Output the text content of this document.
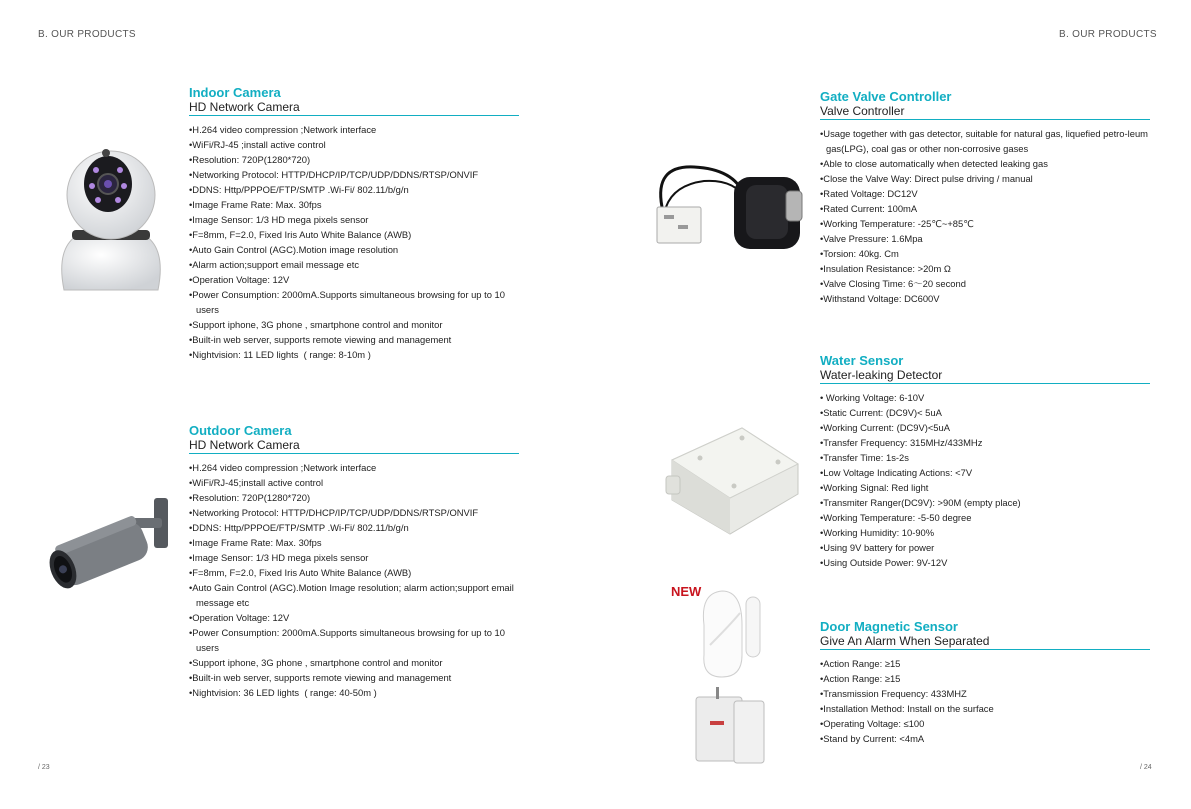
B. OUR PRODUCTS	B. OUR PRODUCTS
/ 23	/ 24
Indoor Camera
HD Network Camera
• H.264 video compression ;Network interface
• WiFi/RJ-45 ;install active control
• Resolution: 720P(1280*720)
• Networking Protocol: HTTP/DHCP/IP/TCP/UDP/DDNS/RTSP/ONVIF
• DDNS: Http/PPPOE/FTP/SMTP .Wi-Fi/ 802.11/b/g/n
• Image Frame Rate: Max. 30fps
• Image Sensor: 1/3 HD mega pixels sensor
• F=8mm, F=2.0, Fixed Iris Auto White Balance (AWB)
• Auto Gain Control (AGC).Motion image resolution
• Alarm action;support email message etc
• Operation Voltage: 12V
• Power Consumption: 2000mA.Supports simultaneous browsing for up to 10 users
• Support iphone, 3G phone , smartphone control and monitor
• Built-in web server, supports remote viewing and management
• Nightvision: 11 LED lights  ( range: 8-10m )
Outdoor Camera
HD Network Camera
• H.264 video compression ;Network interface
• WiFi/RJ-45;install active control
• Resolution: 720P(1280*720)
• Networking Protocol: HTTP/DHCP/IP/TCP/UDP/DDNS/RTSP/ONVIF
• DDNS: Http/PPPOE/FTP/SMTP .Wi-Fi/ 802.11/b/g/n
• Image Frame Rate: Max. 30fps
• Image Sensor: 1/3 HD mega pixels sensor
• F=8mm, F=2.0, Fixed Iris Auto White Balance (AWB)
• Auto Gain Control (AGC).Motion Image resolution; alarm action;support email message etc
• Operation Voltage: 12V
• Power Consumption: 2000mA.Supports simultaneous browsing for up to 10 users
• Support iphone, 3G phone , smartphone control and monitor
• Built-in web server, supports remote viewing and management
• Nightvision: 36 LED lights  ( range: 40-50m )
Gate Valve Controller
Valve Controller
• Usage together with gas detector, suitable for natural gas, liquefied petro-leum gas(LPG), coal gas or other non-corrosive gases
• Able to close automatically when detected leaking gas
• Close the Valve Way: Direct pulse driving / manual
• Rated Voltage: DC12V
• Rated Current: 100mA
• Working Temperature: -25℃~+85℃
• Valve Pressure: 1.6Mpa
• Torsion: 40kg. Cm
• Insulation Resistance: >20m Ω
• Valve Closing Time: 6～20 second
• Withstand Voltage: DC600V
Water Sensor
Water-leaking Detector
•  Working Voltage: 6-10V
• Static Current: (DC9V)< 5uA
• Working Current: (DC9V)<5uA
• Transfer Frequency: 315MHz/433MHz
• Transfer Time: 1s-2s
• Low Voltage Indicating Actions: <7V
• Working Signal: Red light
• Transmiter Ranger(DC9V): >90M (empty place)
• Working Temperature: -5-50 degree
• Working Humidity: 10-90%
• Using 9V battery for power
• Using Outside Power: 9V-12V
NEW
Door Magnetic Sensor
Give An Alarm When Separated
• Action Range: ≥15
• Action Range: ≥15
• Transmission Frequency: 433MHZ
• Installation Method: Install on the surface
• Operating Voltage: ≤100
• Stand by Current: <4mA
